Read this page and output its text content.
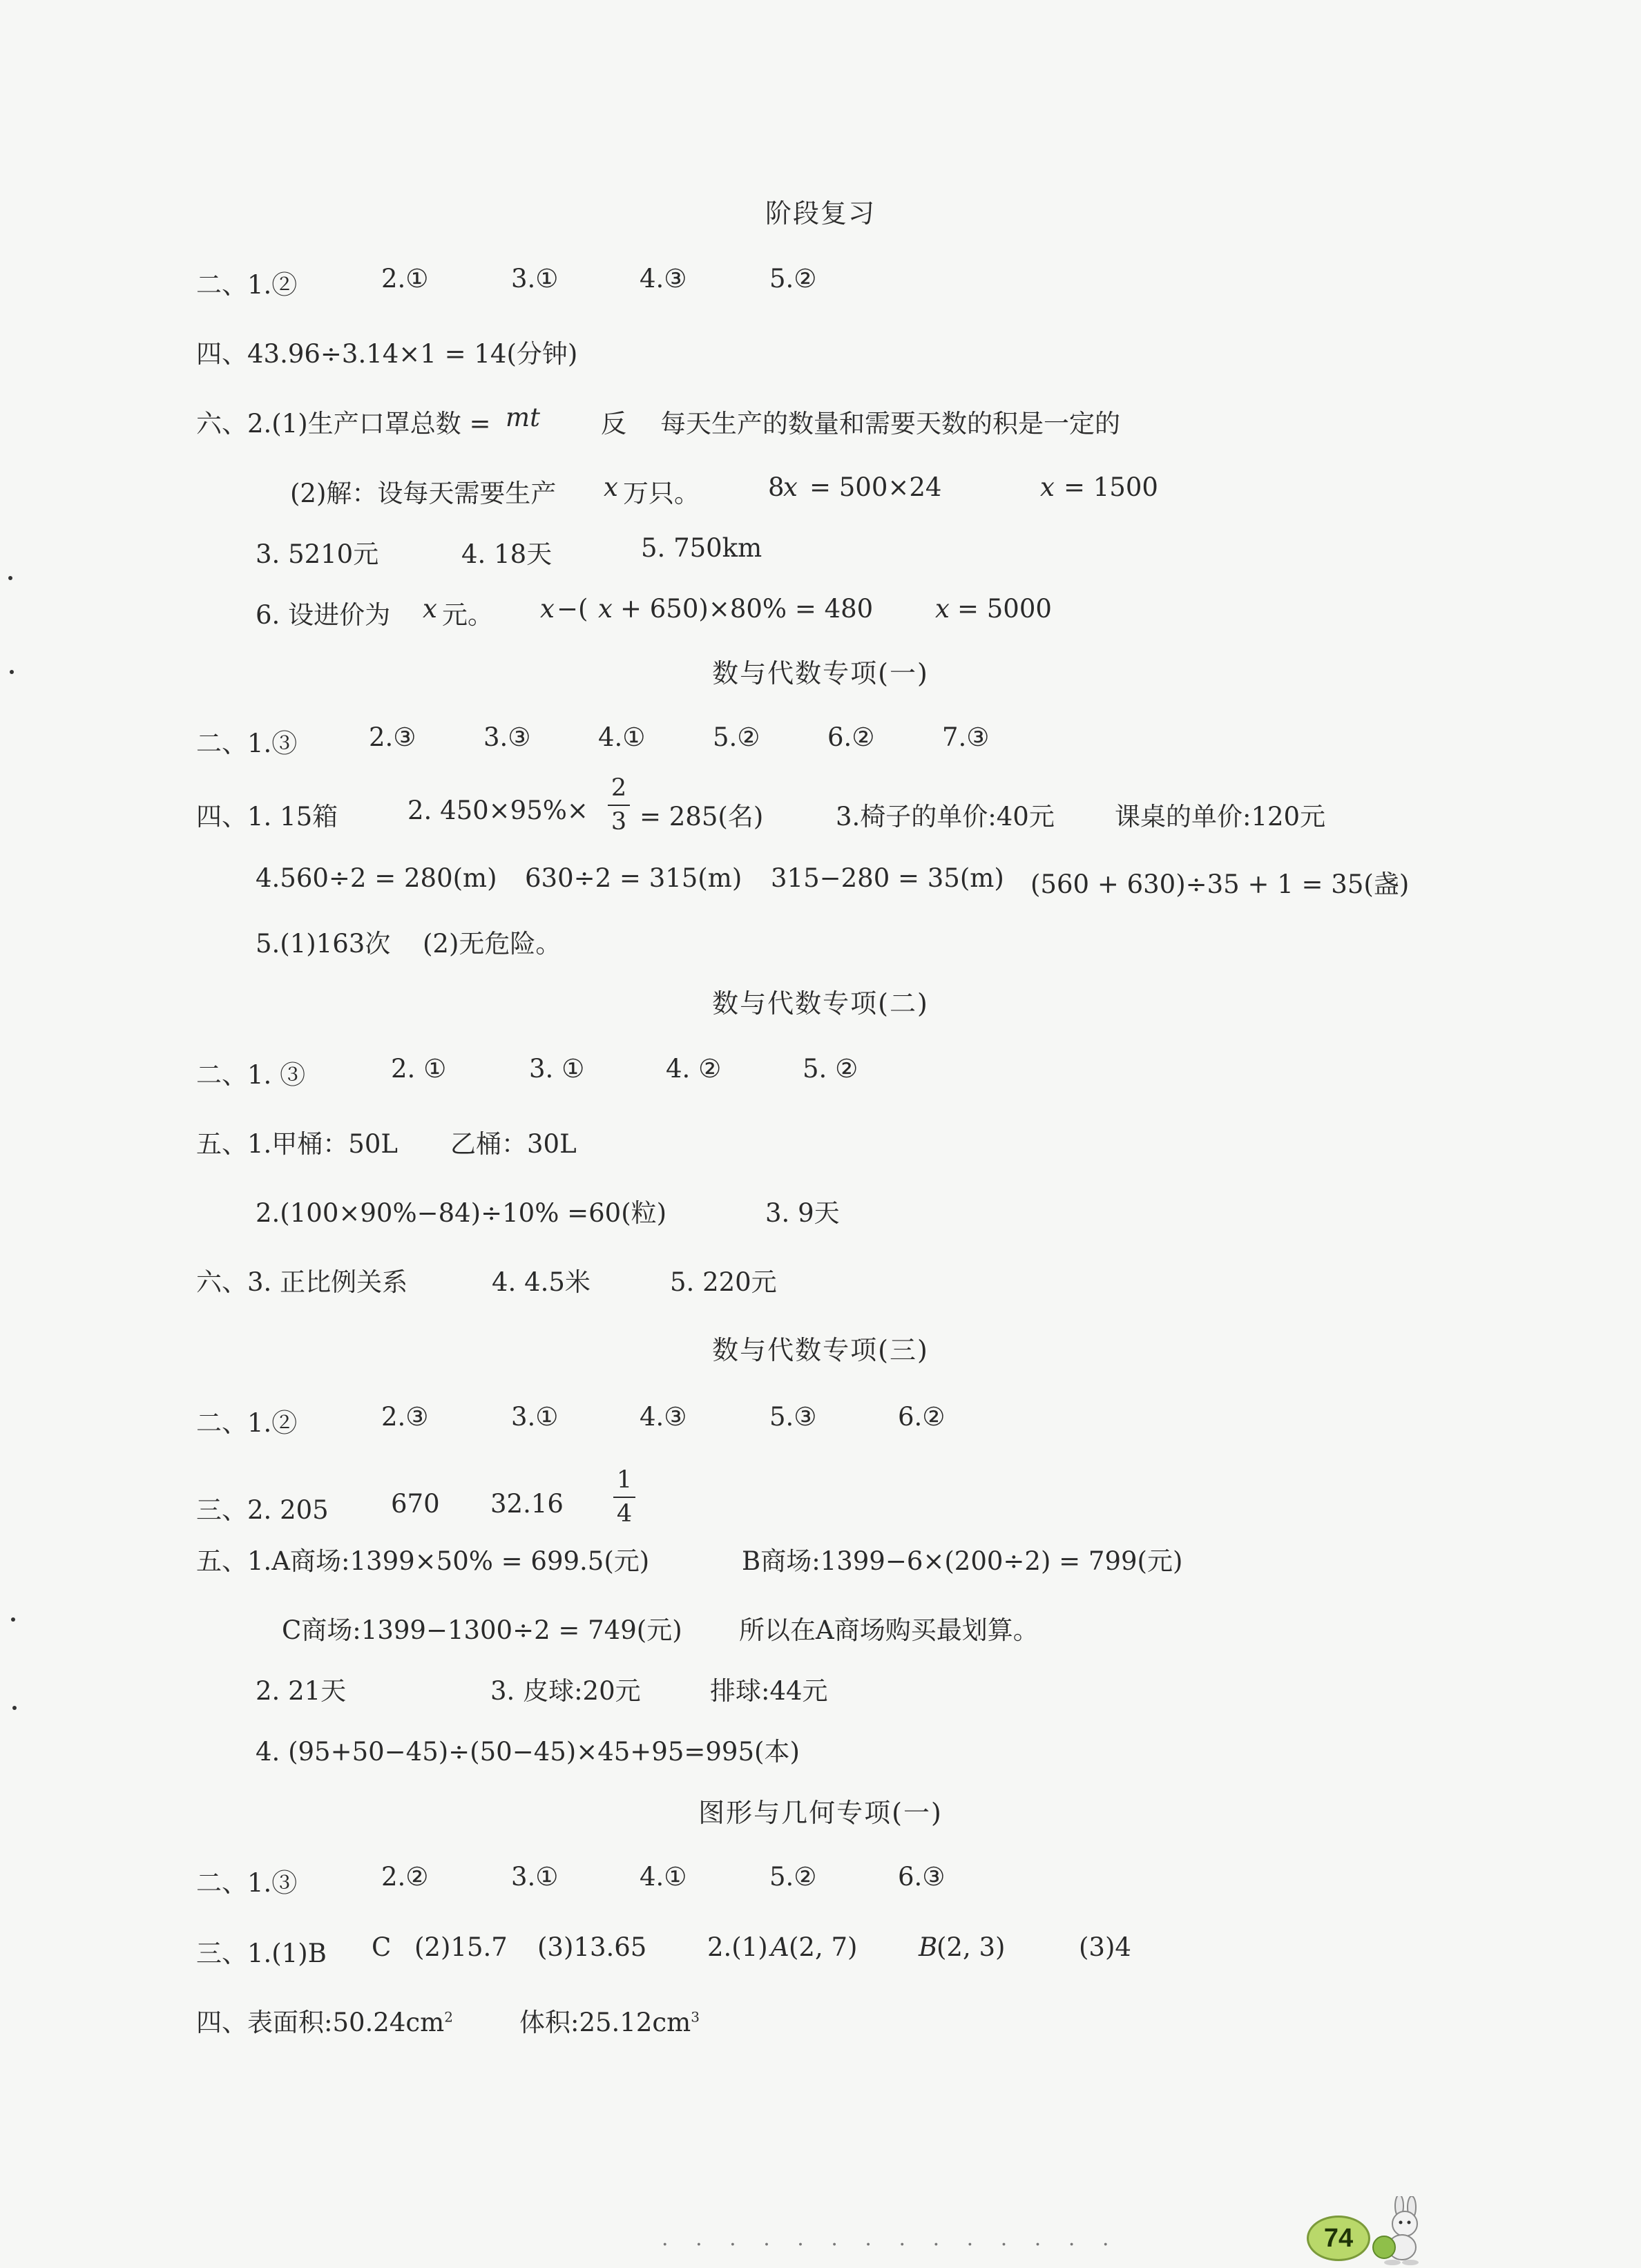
阶段复习
二、1.②	2.①	3.①	4.③	5.②
四、43.96÷3.14×1 = 14(分钟)
六、2.(1)生产口罩总数 = mt 反 每天生产的数量和需要天数的积是一定的
(2)解：设每天需要生产 x 万只。	8
x = 500×24	x = 1500
3. 5210元	4. 18天	5. 750km
6. 设进价为 x 元。 x −( x + 650)×80% = 480 x = 5000
数与代数专项(一)
二、1.③	2.③	3.③	4.①	5.②	6.②	7.③
四、1. 15箱	2. 450×95%×
2
3 = 285(名)	3.椅子的单价:40元 课桌的单价:120元
4.560÷2 = 280(m) 630÷2 = 315(m) 315−280 = 35(m) (560 + 630)÷35 + 1 = 35(盏)
5.(1)163次 (2)无危险。
数与代数专项(二)
二、1. ③	2. ①	3. ①	4. ②	5. ②
五、1.甲桶：50L 乙桶：30L
2.(100×90%−84)÷10% =60(粒)	3. 9天
六、3. 正比例关系	4. 4.5米	5. 220元
数与代数专项(三)
二、1.②	2.③	3.①	4.③	5.③	6.②
三、2. 205 670 32.16
1
4
五、1.A商场:1399×50% = 699.5(元)	B商场:1399−6×(200÷2) = 799(元)
C商场:1399−1300÷2 = 749(元) 所以在A商场购买最划算。
2. 21天	3. 皮球:20元	排球:44元
4. (95+50−45)÷(50−45)×45+95=995(本)
图形与几何专项(一)
二、1.③	2.②	3.①	4.①	5.②	6.③
三、1.(1)B C (2)15.7 (3)13.65 2.(1) A (2, 7) B
(2, 3)	(3)4
四、表面积$:50.24cm^2$	体积$:25.12cm^3$
· · · · · · · · · · · · · ·	74
